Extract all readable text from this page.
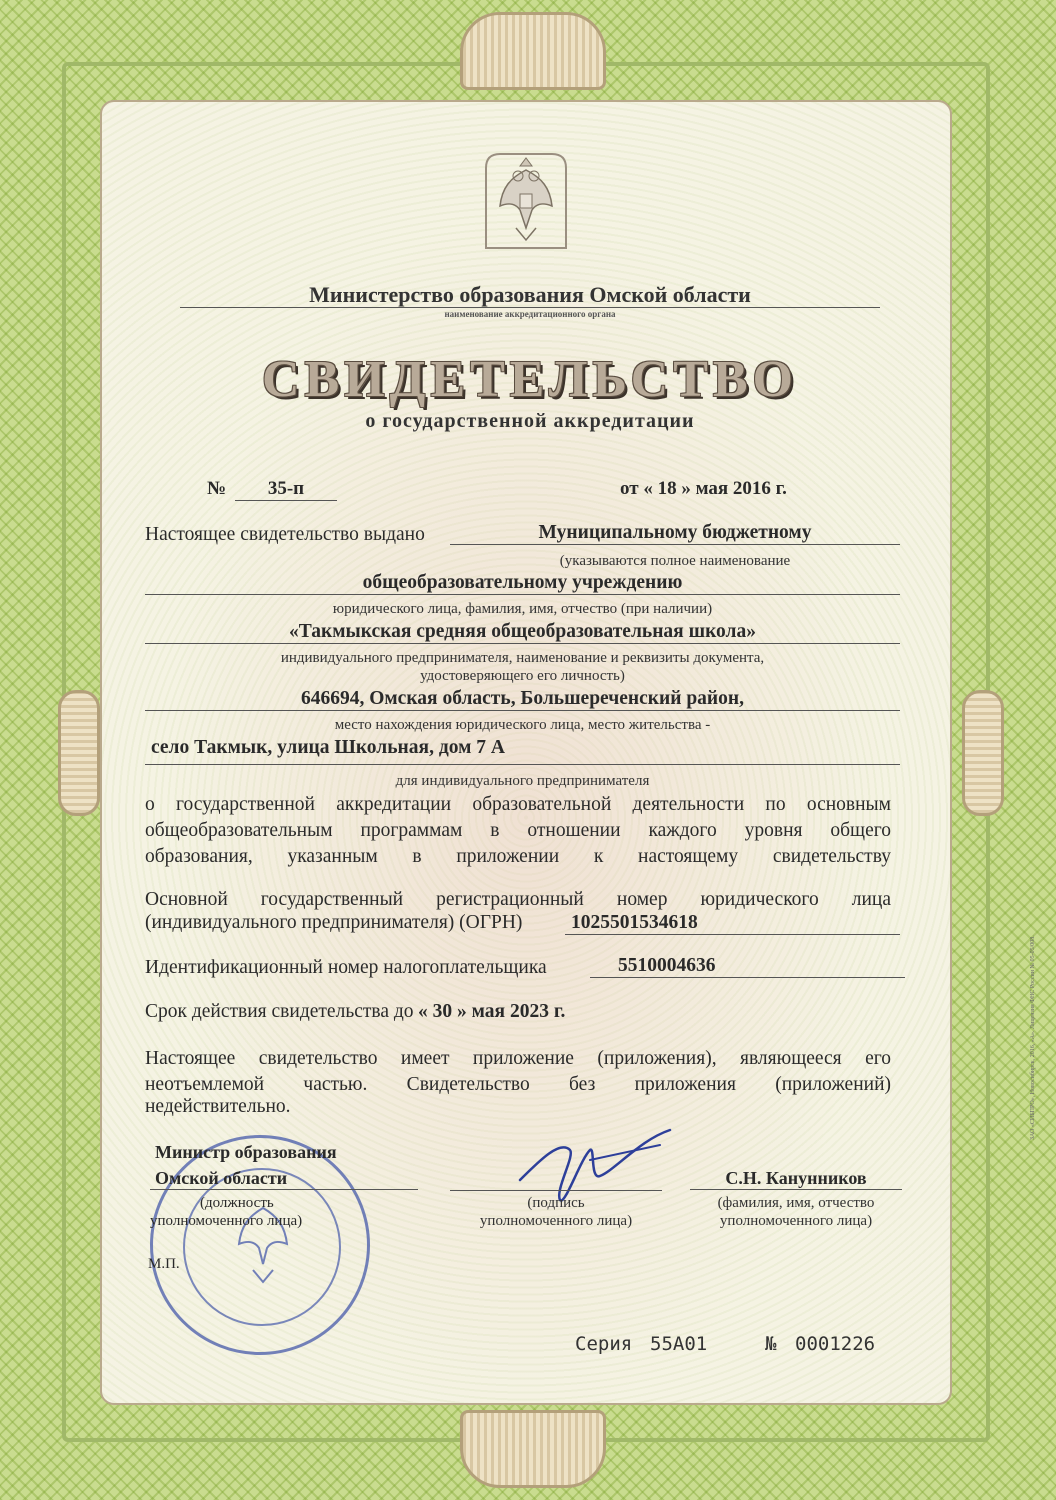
Министерство образования Омской области
наименование аккредитационного органа
СВИДЕТЕЛЬСТВО
о государственной аккредитации
№	35-п	от « 18 » мая 2016 г.
Настоящее свидетельство выдано	Муниципальному бюджетному
(указываются полное наименование
общеобразовательному учреждению
юридического лица, фамилия, имя, отчество (при наличии)
«Такмыкская средняя общеобразовательная школа»
индивидуального предпринимателя, наименование и реквизиты документа,
удостоверяющего его личность)
646694, Омская область, Большереченский район,
место нахождения юридического лица, место жительства -
село Такмык, улица Школьная, дом 7 А
для индивидуального предпринимателя
о государственной аккредитации образовательной деятельности по основным
общеобразовательным программам в отношении каждого уровня общего
образования, указанным в приложении к настоящему свидетельству
Основной государственный регистрационный номер юридического лица
(индивидуального предпринимателя) (ОГРН)	1025501534618
Идентификационный номер налогоплательщика	5510004636
Срок действия свидетельства до « 30 » мая 2023 г.
Настоящее свидетельство имеет приложение (приложения), являющееся его
неотъемлемой частью. Свидетельство без приложения (приложений)
недействительно.
Министр образования
Омской области
(должность
уполномоченного лица)
М.П.
(подпись
уполномоченного лица)
С.Н. Канунников
(фамилия, имя, отчество
уполномоченного лица)
Серия 55А01	№ 0001226
ЗАО «СИБПРО», Новосибирск, 2016, «А». Лицензия ФНС России № 05-05/008.
